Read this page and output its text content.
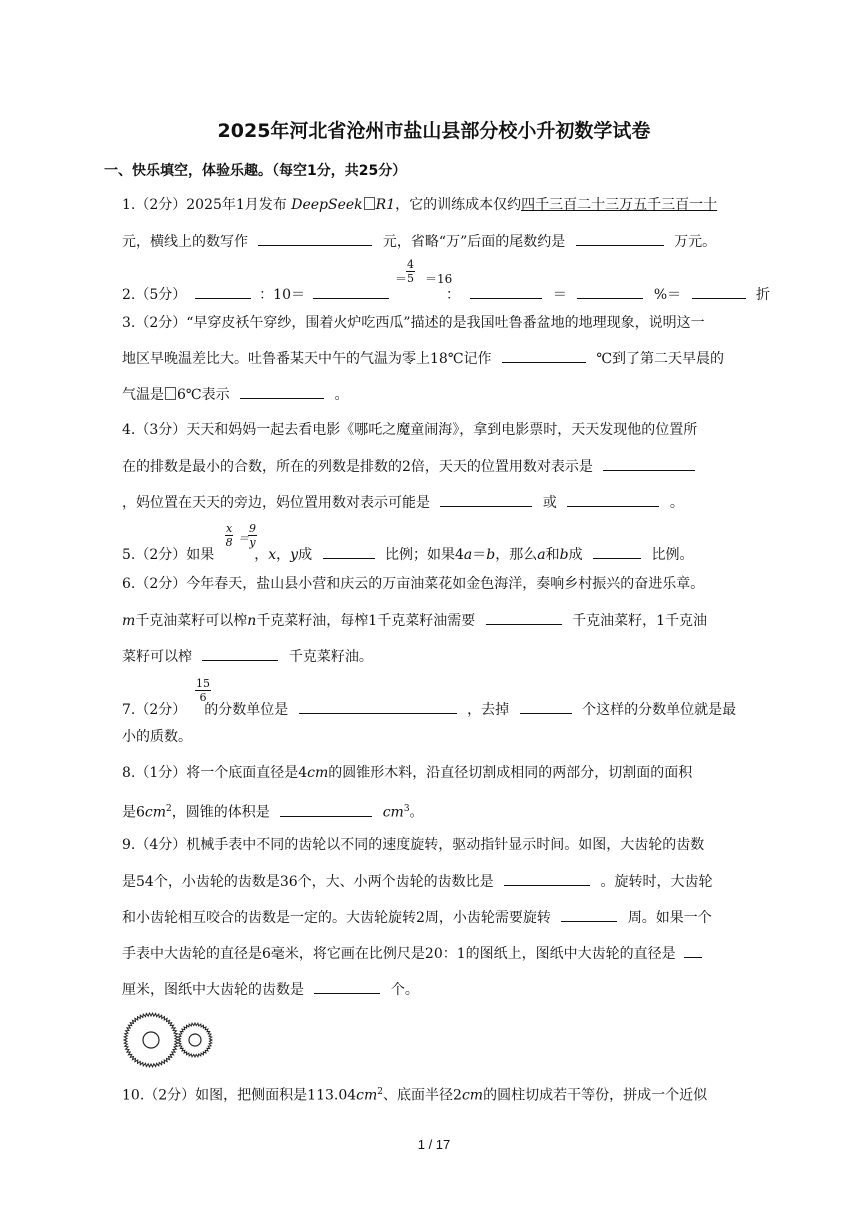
2025年河北省沧州市盐山县部分校小升初数学试卷
一、快乐填空，体验乐趣。（每空1分，共25分）
1.（2分）2025年1月发布 DeepSeek R1，它的训练成本仅约四千三百二十三万五千三百一十
元，横线上的数写作	元，省略“万”后面的尾数约是	万元。
$\frac{4}{5}$
2.（5分）	：10＝
＝ ＝16
：	＝	%＝	折
3.（2分）“早穿皮袄午穿纱，围着火炉吃西瓜”描述的是我国吐鲁番盆地的地理现象，说明这一
地区早晚温差比大。吐鲁番某天中午的气温为零上18℃记作	℃到了第二天早晨的
气温是 6℃表示	。
4.（3分）天天和妈妈一起去看电影《哪吒之魔童闹海》，拿到电影票时，天天发现他的位置所
在的排数是最小的合数，所在的列数是排数的2倍，天天的位置用数对表示是
，妈位置在天天的旁边，妈位置用数对表示可能是	或	。
$\frac{x}{8} = \frac{9}{y}$
5.（2分）如果	，x，y成	比例；如果4a＝b，那么a和b成	比例。
6.（2分）今年春天，盐山县小营和庆云的万亩油菜花如金色海洋，奏响乡村振兴的奋进乐章。
m千克油菜籽可以榨n千克菜籽油，每榨1千克菜籽油需要	千克油菜籽，1千克油
菜籽可以榨	千克菜籽油。
$\frac{15}{6}$
7.（2分） 的分数单位是	，去掉	个这样的分数单位就是最
小的质数。
8.（1分）将一个底面直径是4cm的圆锥形木料，沿直径切割成相同的两部分，切割面的面积
是$6cm^2$，圆锥的体积是	$cm^3$。
9.（4分）机械手表中不同的齿轮以不同的速度旋转，驱动指针显示时间。如图，大齿轮的齿数
是54个，小齿轮的齿数是36个，大、小两个齿轮的齿数比是	。旋转时，大齿轮
和小齿轮相互咬合的齿数是一定的。大齿轮旋转2周，小齿轮需要旋转	周。如果一个
手表中大齿轮的直径是6毫米，将它画在比例尺是20：1的图纸上，图纸中大齿轮的直径是
厘米，图纸中大齿轮的齿数是	个。
10.（2分）如图，把侧面积是$113.04cm^2$、底面半径2cm的圆柱切成若干等份，拼成一个近似
1 / 17
